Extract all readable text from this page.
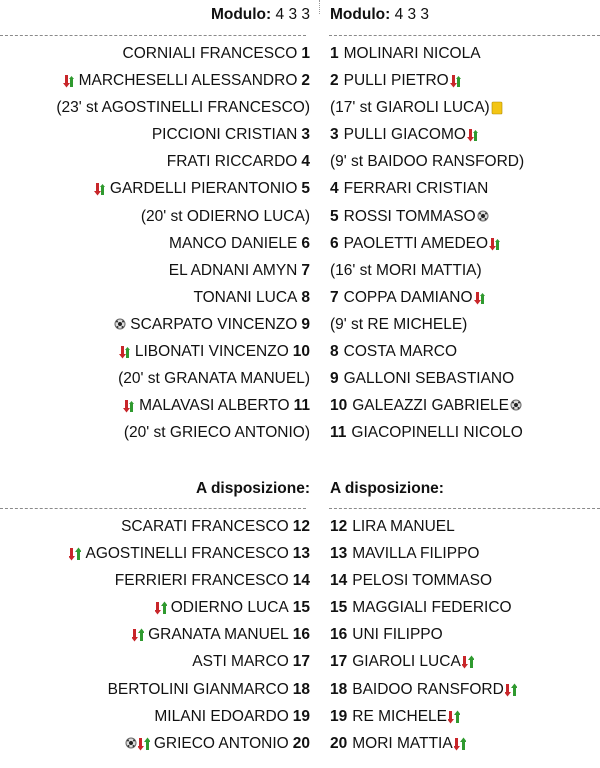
Modulo: 4 3 3 Modulo: 4 3 3
CORNIALI FRANCESCO 1
MARCHESELLI ALESSANDRO 2
(23' st AGOSTINELLI FRANCESCO)
PICCIONI CRISTIAN 3
FRATI RICCARDO 4
GARDELLI PIERANTONIO 5
(20' st ODIERNO LUCA)
MANCO DANIELE 6
EL ADNANI AMYN 7
TONANI LUCA 8
SCARPATO VINCENZO 9
LIBONATI VINCENZO 10
(20' st GRANATA MANUEL)
MALAVASI ALBERTO 11
(20' st GRIECO ANTONIO)
1 MOLINARI NICOLA
2 PULLI PIETRO
(17' st GIAROLI LUCA)
3 PULLI GIACOMO
(9' st BAIDOO RANSFORD)
4 FERRARI CRISTIAN
5 ROSSI TOMMASO
6 PAOLETTI AMEDEO
(16' st MORI MATTIA)
7 COPPA DAMIANO
(9' st RE MICHELE)
8 COSTA MARCO
9 GALLONI SEBASTIANO
10 GALEAZZI GABRIELE
11 GIACOPINELLI NICOLO
A disposizione: A disposizione:
SCARATI FRANCESCO 12
AGOSTINELLI FRANCESCO 13
FERRIERI FRANCESCO 14
ODIERNO LUCA 15
GRANATA MANUEL 16
ASTI MARCO 17
BERTOLINI GIANMARCO 18
MILANI EDOARDO 19
GRIECO ANTONIO 20
12 LIRA MANUEL
13 MAVILLA FILIPPO
14 PELOSI TOMMASO
15 MAGGIALI FEDERICO
16 UNI FILIPPO
17 GIAROLI LUCA
18 BAIDOO RANSFORD
19 RE MICHELE
20 MORI MATTIA
